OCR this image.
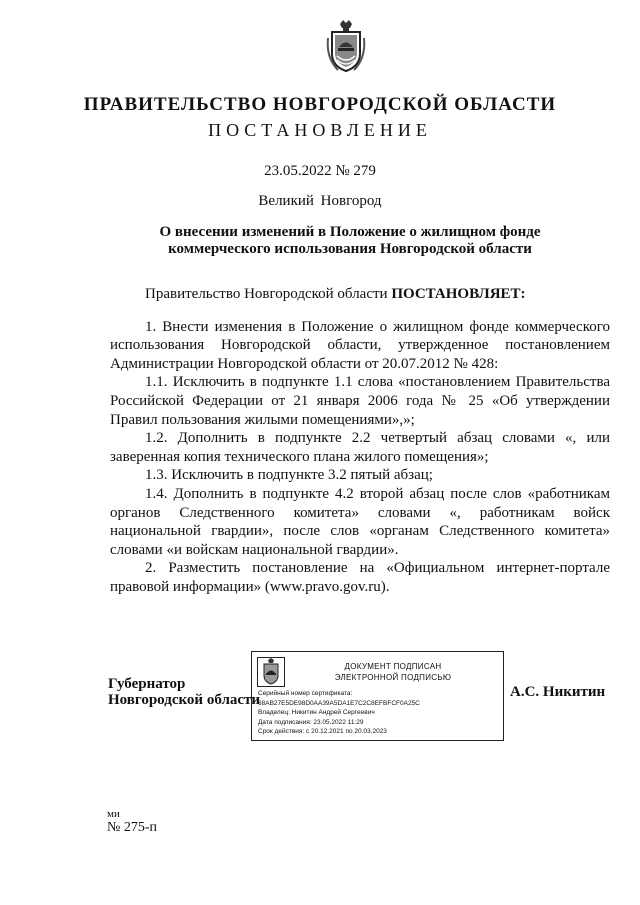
ПРАВИТЕЛЬСТВО НОВГОРОДСКОЙ ОБЛАСТИ
ПОСТАНОВЛЕНИЕ
23.05.2022 № 279
Великий Новгород
О внесении изменений в Положение о жилищном фонде коммерческого использования Новгородской области

Правительство Новгородской области ПОСТАНОВЛЯЕТ:

1. Внести изменения в Положение о жилищном фонде коммерческого использования Новгородской области, утвержденное постановлением Администрации Новгородской области от 20.07.2012 № 428:

1.1. Исключить в подпункте 1.1 слова «постановлением Правительства Российской Федерации от 21 января 2006 года № 25 «Об утверждении Правил пользования жилыми помещениями»,»;

1.2. Дополнить в подпункте 2.2 четвертый абзац словами «, или заверенная копия технического плана жилого помещения»;

1.3. Исключить в подпункте 3.2 пятый абзац;

1.4. Дополнить в подпункте 4.2 второй абзац после слов «работникам органов Следственного комитета» словами «, работникам войск национальной гвардии», после слов «органам Следственного комитета» словами «и войскам национальной гвардии».

2. Разместить постановление на «Официальном интернет-портале правовой информации» (www.pravo.gov.ru).

Губернатор
Новгородской области
ДОКУМЕНТ ПОДПИСАН
ЭЛЕКТРОННОЙ ПОДПИСЬЮ
Серийный номер сертификата:
68AB27E5DE98D0AA39A5DA1E7C2C8EFBFCF0A25C
Владелец: Никитин Андрей Сергеевич
Дата подписания: 23.05.2022 11:29
Срок действия: с 20.12.2021 по 20.03.2023
А.С. Никитин
ми
№ 275-п
